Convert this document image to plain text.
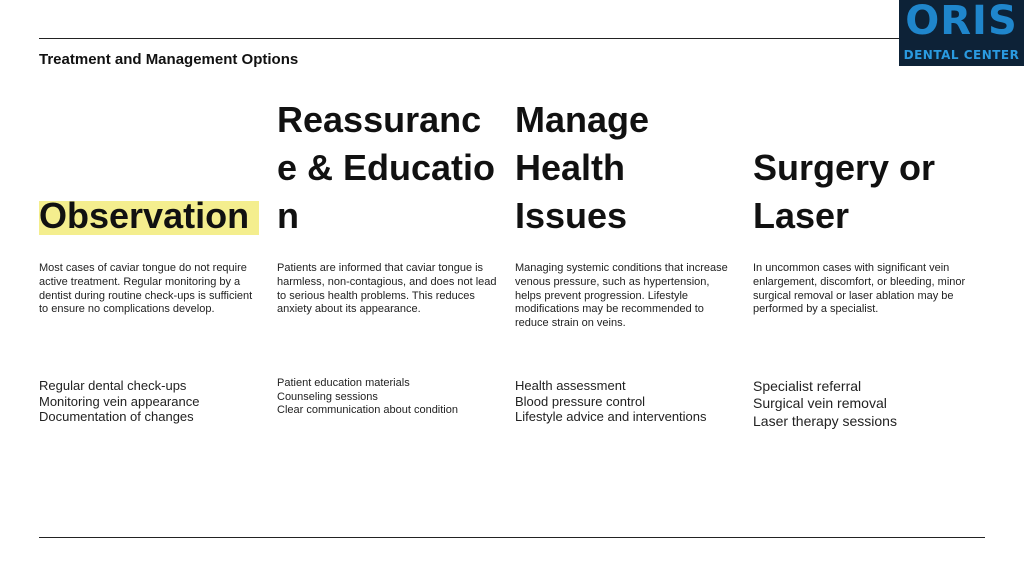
ORIS
DENTAL CENTER
Treatment and Management Options
Observation
Most cases of caviar tongue do not require active treatment. Regular monitoring by a dentist during routine check-ups is sufficient to ensure no complications develop.
Regular dental check-ups
Monitoring vein appearance
Documentation of changes
Reassurance & Education
Patients are informed that caviar tongue is harmless, non-contagious, and does not lead to serious health problems. This reduces anxiety about its appearance.
Patient education materials
Counseling sessions
Clear communication about condition
Manage Health Issues
Managing systemic conditions that increase venous pressure, such as hypertension, helps prevent progression. Lifestyle modifications may be recommended to reduce strain on veins.
Health assessment
Blood pressure control
Lifestyle advice and interventions
Surgery or Laser
In uncommon cases with significant vein enlargement, discomfort, or bleeding, minor surgical removal or laser ablation may be performed by a specialist.
Specialist referral
Surgical vein removal
Laser therapy sessions
